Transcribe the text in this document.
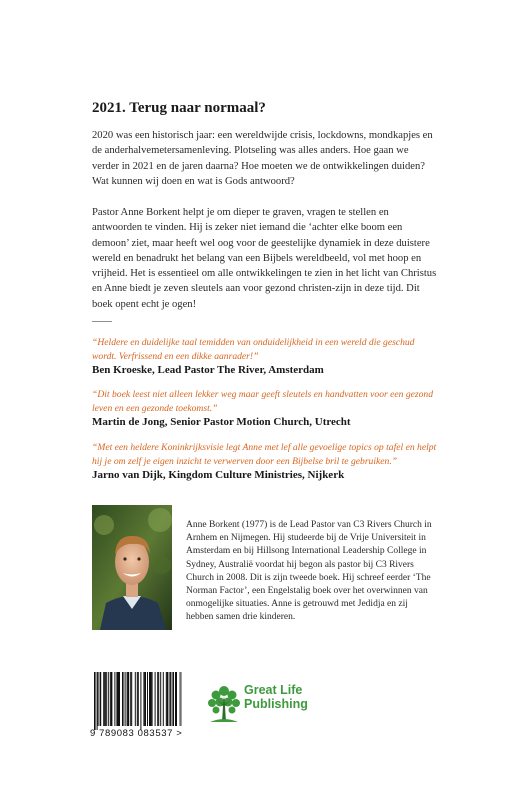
2021. Terug naar normaal?

2020 was een historisch jaar: een wereldwijde crisis, lockdowns, mondkapjes en de anderhalvemetersamenleving. Plotseling was alles anders. Hoe gaan we verder in 2021 en de jaren daarna? Hoe moeten we de ontwikkelingen duiden? Wat kunnen wij doen en wat is Gods antwoord?

Pastor Anne Borkent helpt je om dieper te graven, vragen te stellen en antwoorden te vinden. Hij is zeker niet iemand die ‘achter elke boom een demoon’ ziet, maar heeft wel oog voor de geestelijke dynamiek in deze duistere wereld en benadrukt het belang van een Bijbels wereldbeeld, vol met hoop en vrijheid. Het is essentieel om alle ontwikkelingen te zien in het licht van Christus en Anne biedt je zeven sleutels aan voor gezond christen-zijn in deze tijd. Dit boek opent echt je ogen!

——

“Heldere en duidelijke taal temidden van onduidelijkheid in een wereld die geschud wordt. Verfrissend en een dikke aanrader!”

Ben Kroeske, Lead Pastor The River, Amsterdam

“Dit boek leest niet alleen lekker weg maar geeft sleutels en handvatten voor een gezond leven en een gezonde toekomst.”

Martin de Jong, Senior Pastor Motion Church, Utrecht

“Met een heldere Koninkrijksvisie legt Anne met lef alle gevoelige topics op tafel en helpt hij je om zelf je eigen inzicht te verwerven door een Bijbelse bril te gebruiken.”

Jarno van Dijk, Kingdom Culture Ministries, Nijkerk

Anne Borkent (1977) is de Lead Pastor van C3 Rivers Church in Arnhem en Nijmegen. Hij studeerde bij de Vrije Universiteit in Amsterdam en bij Hillsong International Leadership College in Sydney, Australië voordat hij begon als pastor bij C3 Rivers Church in 2008. Dit is zijn tweede boek. Hij schreef eerder ‘The Norman Factor’, een Engelstalig boek over het overwinnen van onmogelijke situaties. Anne is getrouwd met Jedidja en zij hebben samen drie kinderen.

9 789083 083537 >
Great Life
Publishing
